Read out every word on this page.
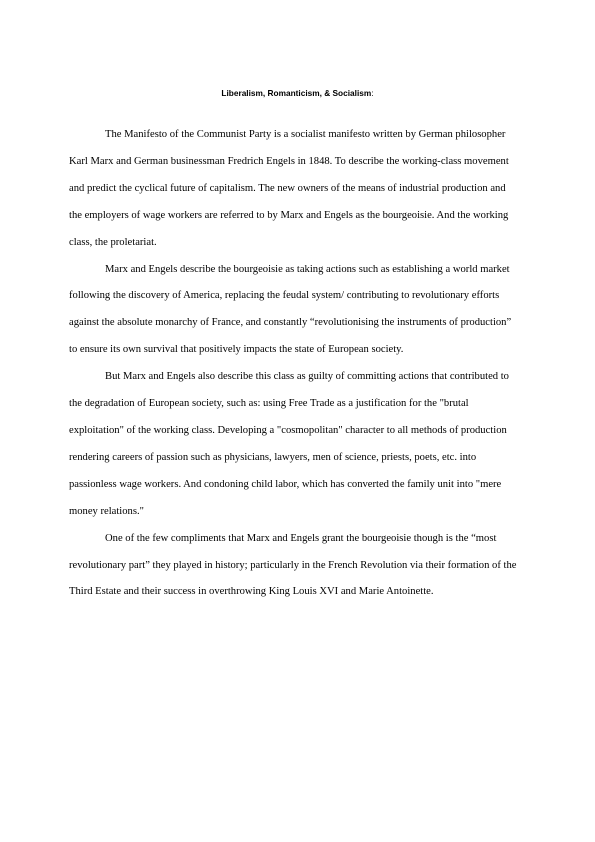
Liberalism, Romanticism, & Socialism:

The Manifesto of the Communist Party is a socialist manifesto written by German philosopher Karl Marx and German businessman Fredrich Engels in 1848. To describe the working-class movement and predict the cyclical future of capitalism. The new owners of the means of industrial production and the employers of wage workers are referred to by Marx and Engels as the bourgeoisie. And the working class, the proletariat.

Marx and Engels describe the bourgeoisie as taking actions such as establishing a world market following the discovery of America, replacing the feudal system/ contributing to revolutionary efforts against the absolute monarchy of France, and constantly “revolutionising the instruments of production” to ensure its own survival that positively impacts the state of European society.

But Marx and Engels also describe this class as guilty of committing actions that contributed to the degradation of European society, such as: using Free Trade as a justification for the "brutal exploitation" of the working class. Developing a "cosmopolitan" character to all methods of production rendering careers of passion such as physicians, lawyers, men of science, priests, poets, etc. into passionless wage workers. And condoning child labor, which has converted the family unit into "mere money relations."

One of the few compliments that Marx and Engels grant the bourgeoisie though is the “most revolutionary part” they played in history; particularly in the French Revolution via their formation of the Third Estate and their success in overthrowing King Louis XVI and Marie Antoinette.
